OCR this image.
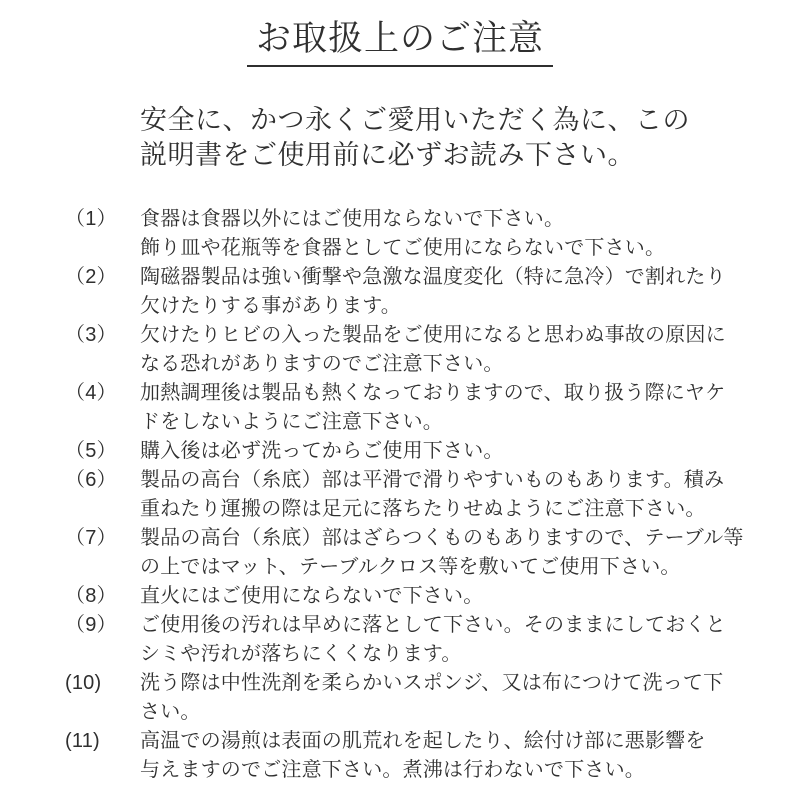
お取扱上のご注意
安全に、かつ永くご愛用いただく為に、この
説明書をご使用前に必ずお読み下さい。
（1）	食器は食器以外にはご使用ならないで下さい。
飾り皿や花瓶等を食器としてご使用にならないで下さい。
（2）	陶磁器製品は強い衝撃や急激な温度変化（特に急冷）で割れたり
欠けたりする事があります。
（3）	欠けたりヒビの入った製品をご使用になると思わぬ事故の原因に
なる恐れがありますのでご注意下さい。
（4）	加熱調理後は製品も熱くなっておりますので、取り扱う際にヤケ
ドをしないようにご注意下さい。
（5）	購入後は必ず洗ってからご使用下さい。
（6）	製品の高台（糸底）部は平滑で滑りやすいものもあります。積み
重ねたり運搬の際は足元に落ちたりせぬようにご注意下さい。
（7）	製品の高台（糸底）部はざらつくものもありますので、テーブル等
の上ではマット、テーブルクロス等を敷いてご使用下さい。
（8）	直火にはご使用にならないで下さい。
（9）	ご使用後の汚れは早めに落として下さい。そのままにしておくと
シミや汚れが落ちにくくなります。
(10)	洗う際は中性洗剤を柔らかいスポンジ、又は布につけて洗って下
さい。
(11)	高温での湯煎は表面の肌荒れを起したり、絵付け部に悪影響を
与えますのでご注意下さい。煮沸は行わないで下さい。
